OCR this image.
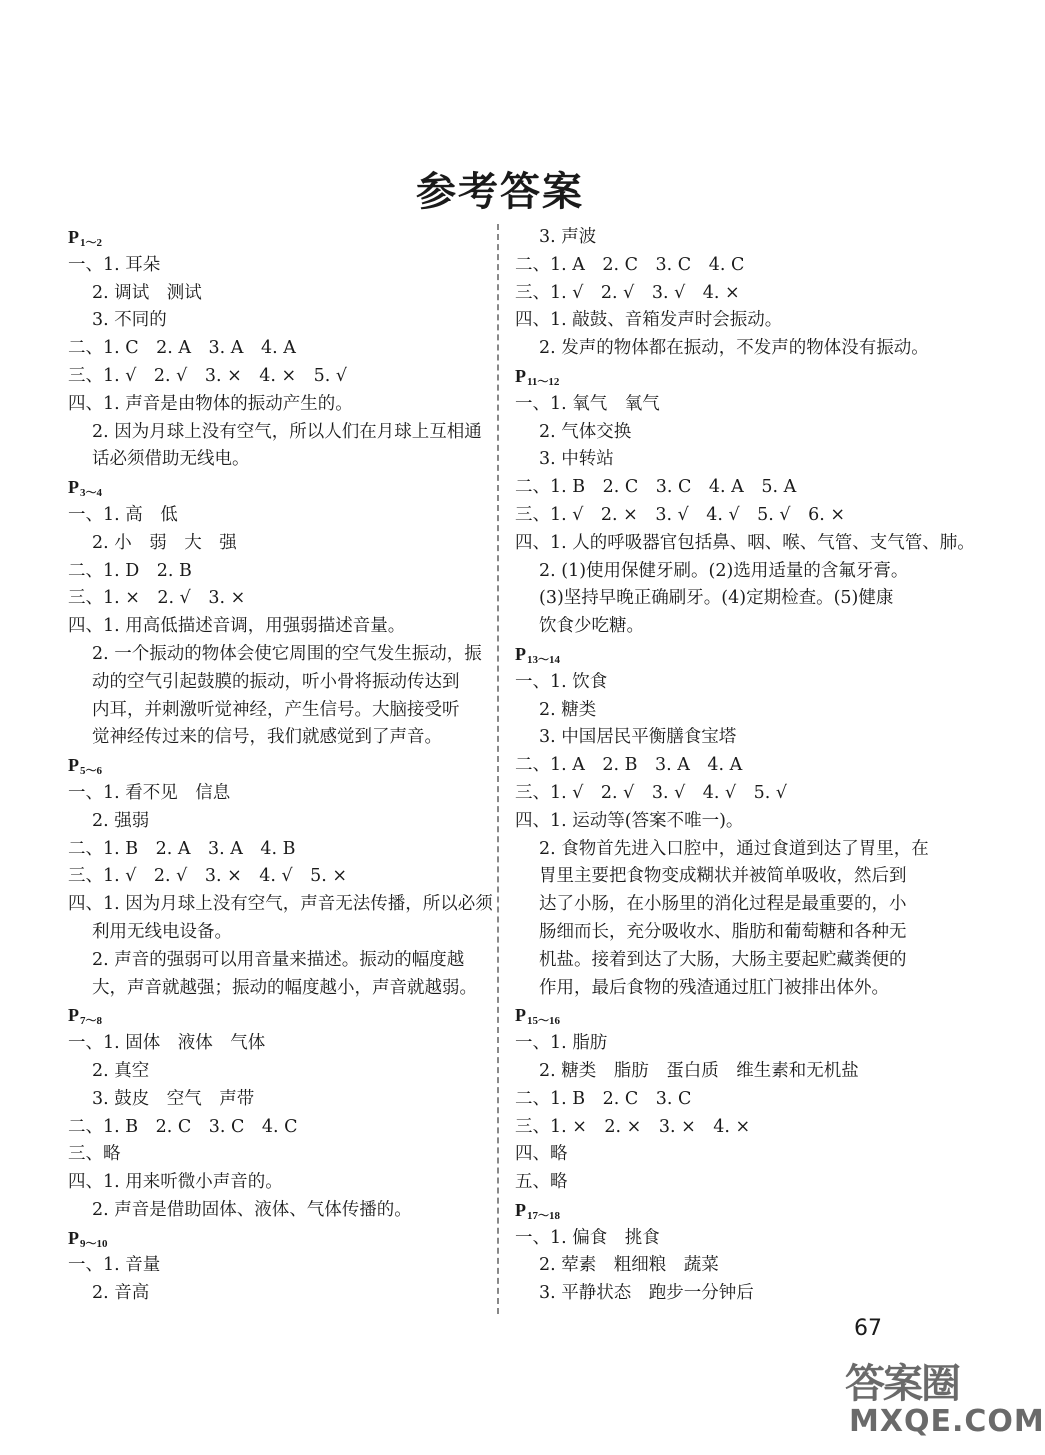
参考答案
$P_{1\sim 2}$
一、1. 耳朵
2. 调试　测试
3. 不同的
二、1. C　2. A　3. A　4. A
三、1. √　2. √　3. ×　4. ×　5. √
四、1. 声音是由物体的振动产生的。
2. 因为月球上没有空气，所以人们在月球上互相通
话必须借助无线电。
$P_{3\sim 4}$
一、1. 高　低
2. 小　弱　大　强
二、1. D　2. B
三、1. ×　2. √　3. ×
四、1. 用高低描述音调，用强弱描述音量。
2. 一个振动的物体会使它周围的空气发生振动，振
动的空气引起鼓膜的振动，听小骨将振动传达到
内耳，并刺激听觉神经，产生信号。大脑接受听
觉神经传过来的信号，我们就感觉到了声音。
$P_{5\sim 6}$
一、1. 看不见　信息
2. 强弱
二、1. B　2. A　3. A　4. B
三、1. √　2. √　3. ×　4. √　5. ×
四、1. 因为月球上没有空气，声音无法传播，所以必须
利用无线电设备。
2. 声音的强弱可以用音量来描述。振动的幅度越
大，声音就越强；振动的幅度越小，声音就越弱。
$P_{7\sim 8}$
一、1. 固体　液体　气体
2. 真空
3. 鼓皮　空气　声带
二、1. B　2. C　3. C　4. C
三、略
四、1. 用来听微小声音的。
2. 声音是借助固体、液体、气体传播的。
$P_{9\sim 10}$
一、1. 音量
2. 音高
3. 声波
二、1. A　2. C　3. C　4. C
三、1. √　2. √　3. √　4. ×
四、1. 敲鼓、音箱发声时会振动。
2. 发声的物体都在振动，不发声的物体没有振动。
$P_{11\sim 12}$
一、1. 氧气　氧气
2. 气体交换
3. 中转站
二、1. B　2. C　3. C　4. A　5. A
三、1. √　2. ×　3. √　4. √　5. √　6. ×
四、1. 人的呼吸器官包括鼻、咽、喉、气管、支气管、肺。
2. (1)使用保健牙刷。(2)选用适量的含氟牙膏。
(3)坚持早晚正确刷牙。(4)定期检查。(5)健康
饮食少吃糖。
$P_{13\sim 14}$
一、1. 饮食
2. 糖类
3. 中国居民平衡膳食宝塔
二、1. A　2. B　3. A　4. A
三、1. √　2. √　3. √　4. √　5. √
四、1. 运动等(答案不唯一)。
2. 食物首先进入口腔中，通过食道到达了胃里，在
胃里主要把食物变成糊状并被简单吸收，然后到
达了小肠，在小肠里的消化过程是最重要的，小
肠细而长，充分吸收水、脂肪和葡萄糖和各种无
机盐。接着到达了大肠，大肠主要起贮藏粪便的
作用，最后食物的残渣通过肛门被排出体外。
$P_{15\sim 16}$
一、1. 脂肪
2. 糖类　脂肪　蛋白质　维生素和无机盐
二、1. B　2. C　3. C
三、1. ×　2. ×　3. ×　4. ×
四、略
五、略
$P_{17\sim 18}$
一、1. 偏食　挑食
2. 荤素　粗细粮　蔬菜
3. 平静状态　跑步一分钟后
67
答案圈
MXQE.COM
